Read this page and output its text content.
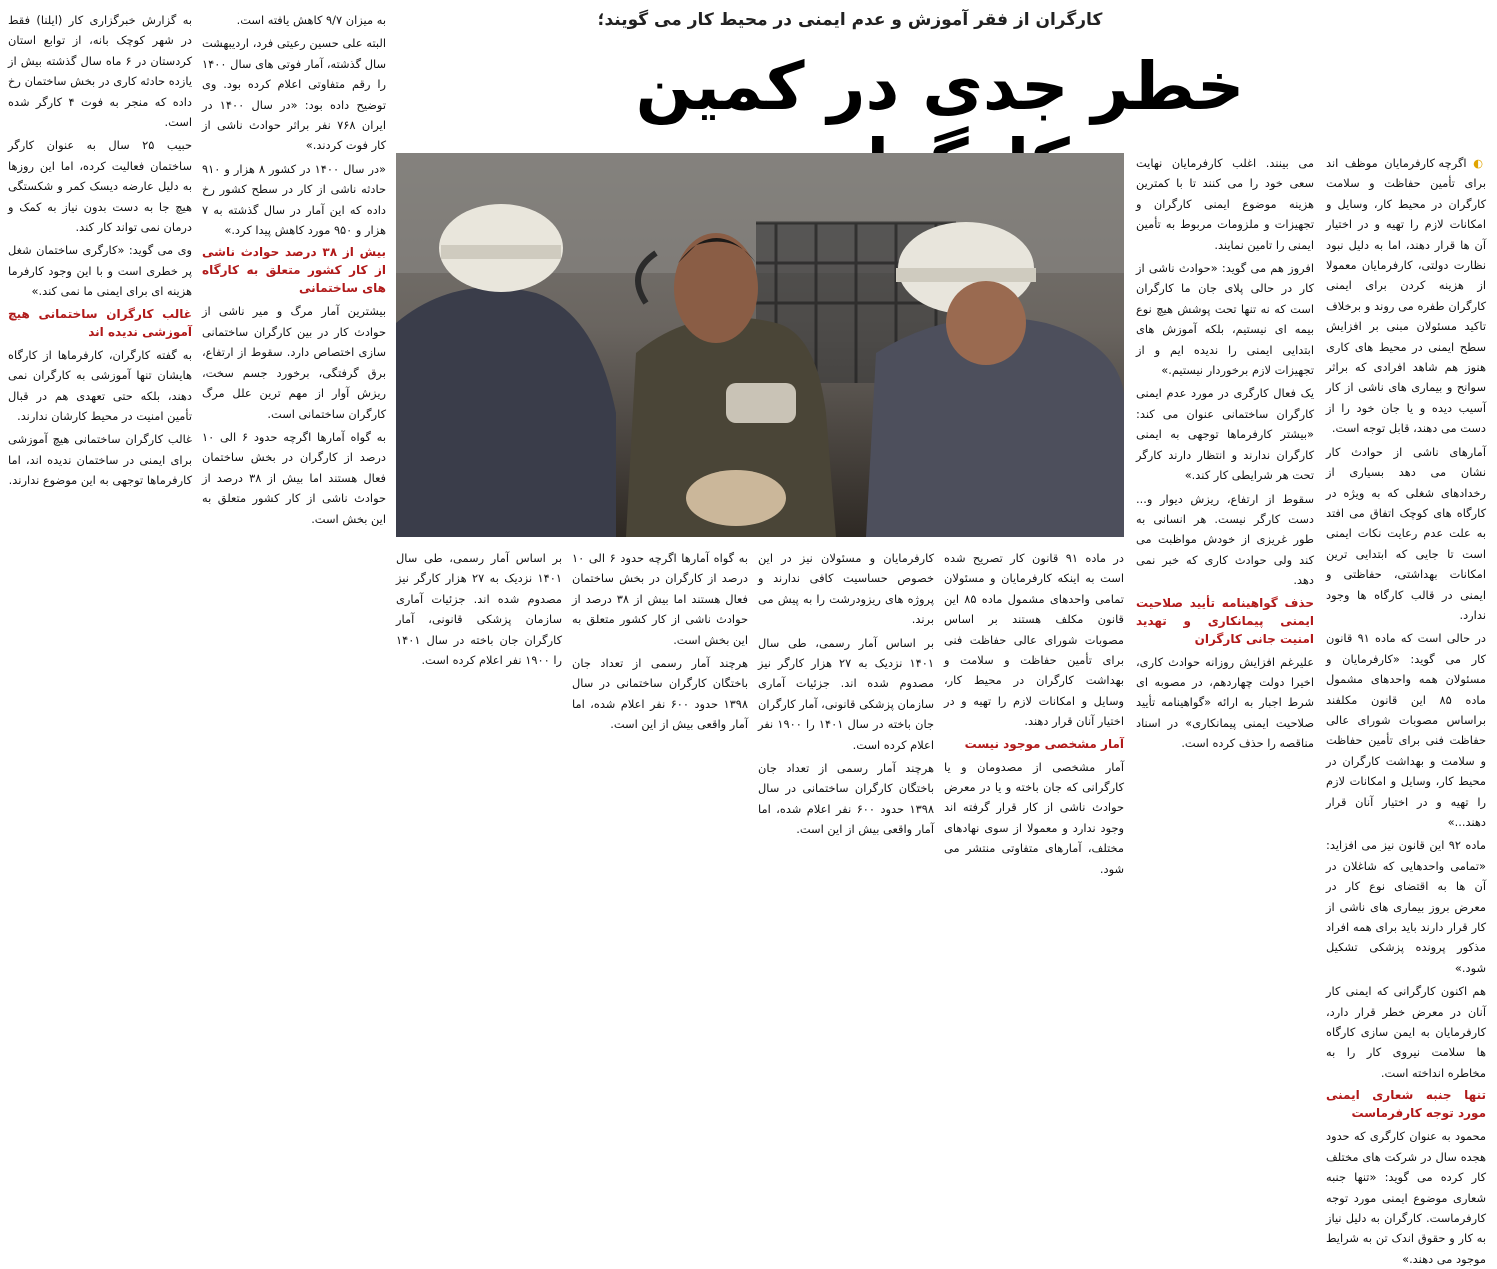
کارگران از فقر آموزش و عدم ایمنی در محیط کار می گویند؛
خطر جدی در کمین

◐ اگرچه کارفرمایان موظف اند برای تأمین حفاظت و سلامت کارگران در محیط کار، وسایل و امکانات لازم را تهیه و در اختیار آن ها قرار دهند، اما به دلیل نبود نظارت دولتی، کارفرمایان معمولا از هزینه کردن برای ایمنی کارگران طفره می روند و برخلاف تاکید مسئولان مبنی بر افزایش سطح ایمنی در محیط های کاری هنوز هم شاهد افرادی که براثر سوانح و بیماری های ناشی از کار آسیب دیده و یا جان خود را از دست می دهند، قابل توجه است.

آمارهای ناشی از حوادث کار نشان می دهد بسیاری از رخدادهای شغلی که به ویژه در کارگاه های کوچک اتفاق می افتد به علت عدم رعایت نکات ایمنی است تا جایی که ابتدایی ترین امکانات بهداشتی، حفاظتی و ایمنی در قالب کارگاه ها وجود ندارد.

در حالی است که ماده ۹۱ قانون کار می گوید: «کارفرمایان و مسئولان همه واحدهای مشمول ماده ۸۵ این قانون مکلفند براساس مصوبات شورای عالی حفاظت فنی برای تأمین حفاظت و سلامت و بهداشت کارگران در محیط کار، وسایل و امکانات لازم را تهیه و در اختیار آنان قرار دهند...»

ماده ۹۲ این قانون نیز می افزاید: «تمامی واحدهایی که شاغلان در آن ها به اقتضای نوع کار در معرض بروز بیماری های ناشی از کار قرار دارند باید برای همه افراد مذکور پرونده پزشکی تشکیل شود.»

هم اکنون کارگرانی که ایمنی کار آنان در معرض خطر قرار دارد، کارفرمایان به ایمن سازی کارگاه ها سلامت نیروی کار را به مخاطره انداخته است.

تنها جنبه شعاری ایمنی مورد توجه کارفرماست

محمود به عنوان کارگری که حدود هجده سال در شرکت های مختلف کار کرده می گوید: «تنها جنبه شعاری موضوع ایمنی مورد توجه کارفرماست. کارگران به دلیل نیاز به کار و حقوق اندک تن به شرایط موجود می دهند.»

می بینند. اغلب کارفرمایان نهایت سعی خود را می کنند تا با کمترین هزینه موضوع ایمنی کارگران و تجهیزات و ملزومات مربوط به تأمین ایمنی را تامین نمایند.

افروز هم می گوید: «حوادث ناشی از کار در حالی پلای جان ما کارگران است که نه تنها تحت پوشش هیچ نوع بیمه ای نیستیم، بلکه آموزش های ابتدایی ایمنی را ندیده ایم و از تجهیزات لازم برخوردار نیستیم.»

یک فعال کارگری در مورد عدم ایمنی کارگران ساختمانی عنوان می کند: «بیشتر کارفرماها توجهی به ایمنی کارگران ندارند و انتظار دارند کارگر تحت هر شرایطی کار کند.»

سقوط از ارتفاع، ریزش دیوار و... دست کارگر نیست. هر انسانی به طور غریزی از خودش مواظبت می کند ولی حوادث کاری که خبر نمی دهد.

حذف گواهینامه تأیید صلاحیت ایمنی پیمانکاری و تهدید امنیت جانی کارگران

علیرغم افزایش روزانه حوادث کاری، اخیرا دولت چهاردهم، در مصوبه ای شرط اجبار به ارائه «گواهینامه تأیید صلاحیت ایمنی پیمانکاری» در اسناد مناقصه را حذف کرده است.

در ماده ۹۱ قانون کار تصریح شده است به اینکه کارفرمایان و مسئولان تمامی واحدهای مشمول ماده ۸۵ این قانون مکلف هستند بر اساس مصوبات شورای عالی حفاظت فنی برای تأمین حفاظت و سلامت و بهداشت کارگران در محیط کار، وسایل و امکانات لازم را تهیه و در اختیار آنان قرار دهند.

آمار مشخصی موجود نیست

آمار مشخصی از مصدومان و یا کارگرانی که جان باخته و یا در معرض حوادث ناشی از کار قرار گرفته اند وجود ندارد و معمولا از سوی نهادهای مختلف، آمارهای متفاوتی منتشر می شود.

کارفرمایان و مسئولان نیز در این خصوص حساسیت کافی ندارند و پروژه های ریزودرشت را به پیش می برند.

بر اساس آمار رسمی، طی سال ۱۴۰۱ نزدیک به ۲۷ هزار کارگر نیز مصدوم شده اند. جزئیات آماری سازمان پزشکی قانونی، آمار کارگران جان باخته در سال ۱۴۰۱ را ۱۹۰۰ نفر اعلام کرده است.

هرچند آمار رسمی از تعداد جان باختگان کارگران ساختمانی در سال ۱۳۹۸ حدود ۶۰۰ نفر اعلام شده، اما آمار واقعی بیش از این است.

به گواه آمارها اگرچه حدود ۶ الی ۱۰ درصد از کارگران در بخش ساختمان فعال هستند اما بیش از ۳۸ درصد از حوادث ناشی از کار کشور متعلق به این بخش است.

هرچند آمار رسمی از تعداد جان باختگان کارگران ساختمانی در سال ۱۳۹۸ حدود ۶۰۰ نفر اعلام شده، اما آمار واقعی بیش از این است.

به میزان ۹/۷ کاهش یافته است.

البته علی حسین رعیتی فرد، اردیبهشت سال گذشته، آمار فوتی های سال ۱۴۰۰ را رقم متفاوتی اعلام کرده بود. وی توضیح داده بود: «در سال ۱۴۰۰ در ایران ۷۶۸ نفر براثر حوادث ناشی از کار فوت کردند.»

«در سال ۱۴۰۰ در کشور ۸ هزار و ۹۱۰ حادثه ناشی از کار در سطح کشور رخ داده که این آمار در سال گذشته به ۷ هزار و ۹۵۰ مورد کاهش پیدا کرد.»

بیش از ۳۸ درصد حوادث ناشی از کار کشور متعلق به کارگاه های ساختمانی

بیشترین آمار مرگ و میر ناشی از حوادث کار در بین کارگران ساختمانی سازی اختصاص دارد. سقوط از ارتفاع، برق گرفتگی، برخورد جسم سخت، ریزش آوار از مهم ترین علل مرگ کارگران ساختمانی است.

به گواه آمارها اگرچه حدود ۶ الی ۱۰ درصد از کارگران در بخش ساختمان فعال هستند اما بیش از ۳۸ درصد از حوادث ناشی از کار کشور متعلق به این بخش است.

بر اساس آمار رسمی، طی سال ۱۴۰۱ نزدیک به ۲۷ هزار کارگر نیز مصدوم شده اند. جزئیات آماری سازمان پزشکی قانونی، آمار کارگران جان باخته در سال ۱۴۰۱ را ۱۹۰۰ نفر اعلام کرده است.

به گزارش خبرگزاری کار (ایلنا) فقط در شهر کوچک بانه، از توابع استان کردستان در ۶ ماه سال گذشته بیش از یازده حادثه کاری در بخش ساختمان رخ داده که منجر به فوت ۴ کارگر شده است.

حبیب ۲۵ سال به عنوان کارگر ساختمان فعالیت کرده، اما این روزها به دلیل عارضه دیسک کمر و شکستگی هیچ جا به دست بدون نیاز به کمک و درمان نمی تواند کار کند.

وی می گوید: «کارگری ساختمان شغل پر خطری است و با این وجود کارفرما هزینه ای برای ایمنی ما نمی کند.»

غالب کارگران ساختمانی هیچ آموزشی ندیده اند

به گفته کارگران، کارفرماها از کارگاه هایشان تنها آموزشی به کارگران نمی دهند، بلکه حتی تعهدی هم در قبال تأمین امنیت در محیط کارشان ندارند.

غالب کارگران ساختمانی هیچ آموزشی برای ایمنی در ساختمان ندیده اند، اما کارفرماها توجهی به این موضوع ندارند.
